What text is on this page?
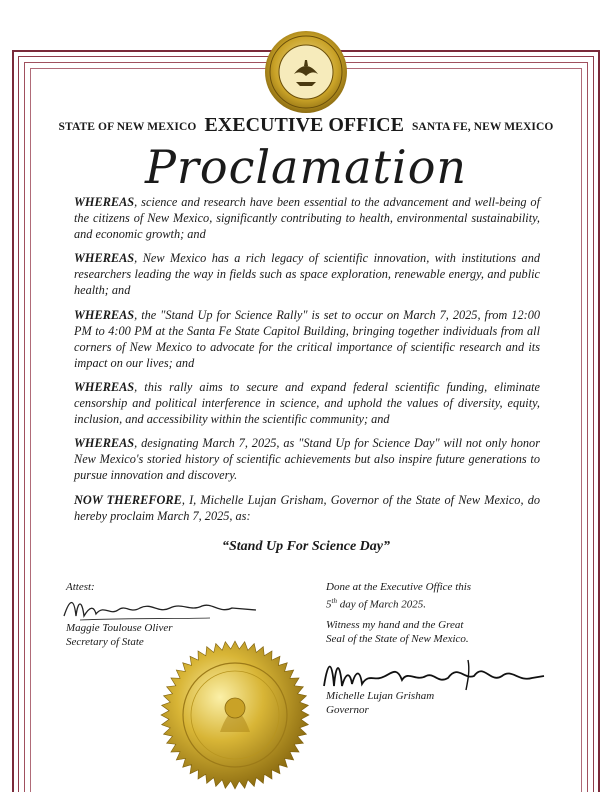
STATE OF NEW MEXICO EXECUTIVE OFFICE SANTA FE, NEW MEXICO
Proclamation

WHEREAS, science and research have been essential to the advancement and well-being of the citizens of New Mexico, significantly contributing to health, environmental sustainability, and economic growth; and

WHEREAS, New Mexico has a rich legacy of scientific innovation, with institutions and researchers leading the way in fields such as space exploration, renewable energy, and public health; and

WHEREAS, the "Stand Up for Science Rally" is set to occur on March 7, 2025, from 12:00 PM to 4:00 PM at the Santa Fe State Capitol Building, bringing together individuals from all corners of New Mexico to advocate for the critical importance of scientific research and its impact on our lives; and

WHEREAS, this rally aims to secure and expand federal scientific funding, eliminate censorship and political interference in science, and uphold the values of diversity, equity, inclusion, and accessibility within the scientific community; and

WHEREAS, designating March 7, 2025, as "Stand Up for Science Day" will not only honor New Mexico's storied history of scientific achievements but also inspire future generations to pursue innovation and discovery.

NOW THEREFORE, I, Michelle Lujan Grisham, Governor of the State of New Mexico, do hereby proclaim March 7, 2025, as:

“Stand Up For Science Day”
Attest:
Maggie Toulouse Oliver
Secretary of State
Done at the Executive Office this
5th day of March 2025.
Witness my hand and the Great
Seal of the State of New Mexico.
Michelle Lujan Grisham
Governor
